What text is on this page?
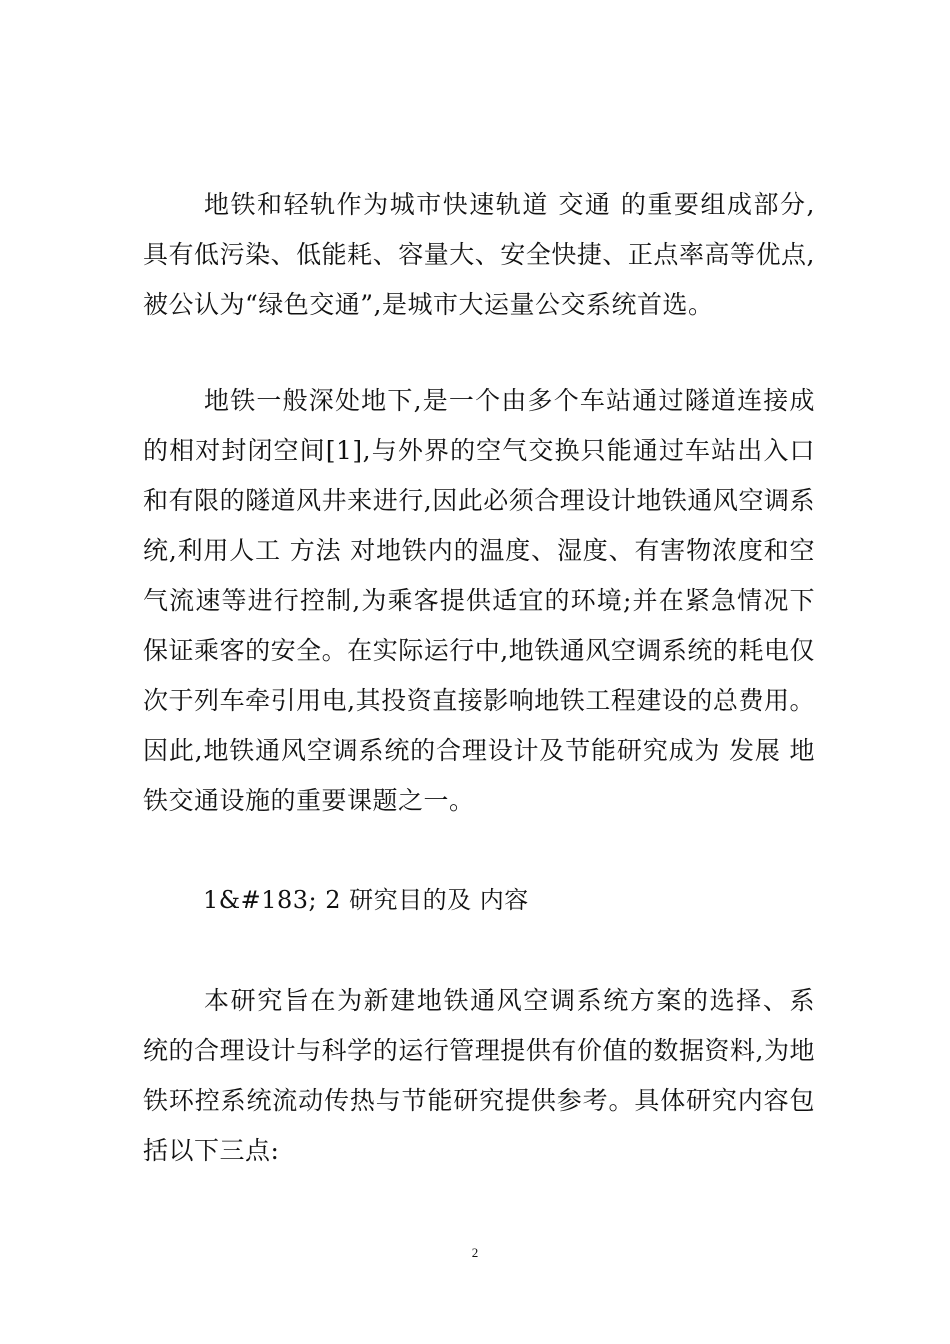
地铁和轻轨作为城市快速轨道 交通 的重要组成部分,具有低污染、低能耗、容量大、安全快捷、正点率高等优点,被公认为“绿色交通”,是城市大运量公交系统首选。

地铁一般深处地下,是一个由多个车站通过隧道连接成的相对封闭空间[1],与外界的空气交换只能通过车站出入口和有限的隧道风井来进行,因此必须合理设计地铁通风空调系统,利用人工 方法 对地铁内的温度、湿度、有害物浓度和空气流速等进行控制,为乘客提供适宜的环境;并在紧急情况下保证乘客的安全。在实际运行中,地铁通风空调系统的耗电仅次于列车牵引用电,其投资直接影响地铁工程建设的总费用。因此,地铁通风空调系统的合理设计及节能研究成为 发展 地铁交通设施的重要课题之一。

1&#183; 2 研究目的及 内容

本研究旨在为新建地铁通风空调系统方案的选择、系统的合理设计与科学的运行管理提供有价值的数据资料,为地铁环控系统流动传热与节能研究提供参考。具体研究内容包括以下三点:

2
